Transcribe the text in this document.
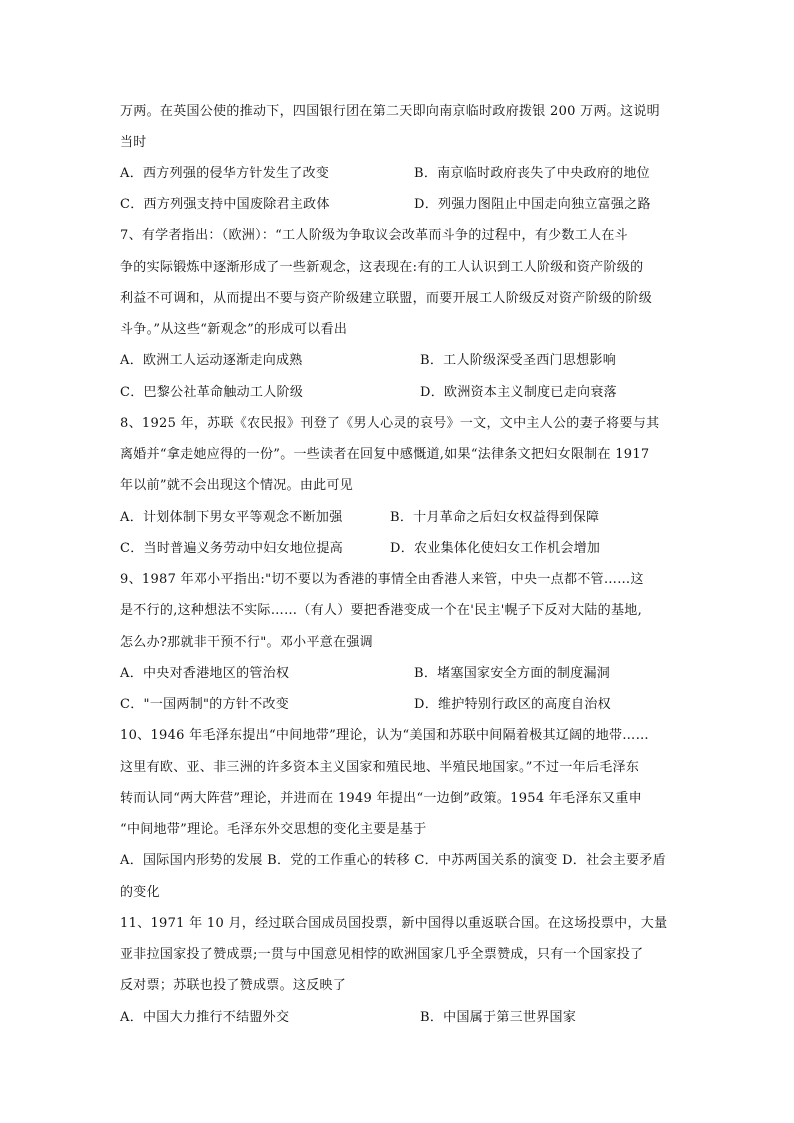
万两。在英国公使的推动下，四国银行团在第二天即向南京临时政府拨银 200 万两。这说明
当时
A．西方列强的侵华方针发生了改变	B．南京临时政府丧失了中央政府的地位
C．西方列强支持中国废除君主政体	D．列强力图阻止中国走向独立富强之路
7、有学者指出：（欧洲）：“工人阶级为争取议会改革而斗争的过程中，有少数工人在斗
争的实际锻炼中逐渐形成了一些新观念，这表现在:有的工人认识到工人阶级和资产阶级的
利益不可调和，从而提出不要与资产阶级建立联盟，而要开展工人阶级反对资产阶级的阶级
斗争。”从这些“新观念”的形成可以看出
A．欧洲工人运动逐渐走向成熟	B．工人阶级深受圣西门思想影响
C．巴黎公社革命触动工人阶级	D．欧洲资本主义制度已走向衰落
8、1925 年，苏联《农民报》刊登了《男人心灵的哀号》一文，文中主人公的妻子将要与其
离婚并“拿走她应得的一份”。一些读者在回复中感慨道,如果“法律条文把妇女限制在 1917
年以前”就不会出现这个情况。由此可见
A．计划体制下男女平等观念不断加强	B．十月革命之后妇女权益得到保障
C．当时普遍义务劳动中妇女地位提高	D．农业集体化使妇女工作机会增加
9、1987 年邓小平指出:"切不要以为香港的事情全由香港人来管，中央一点都不管……这
是不行的,这种想法不实际……（有人）要把香港变成一个在'民主'幌子下反对大陆的基地,
怎么办?那就非干预不行"。邓小平意在强调
A．中央对香港地区的管治权	B．堵塞国家安全方面的制度漏洞
C．"一国两制"的方针不改变	D．维护特别行政区的高度自治权
10、1946 年毛泽东提出“中间地带”理论，认为“美国和苏联中间隔着极其辽阔的地带……
这里有欧、亚、非三洲的许多资本主义国家和殖民地、半殖民地国家。”不过一年后毛泽东
转而认同“两大阵营”理论，并进而在 1949 年提出“一边倒”政策。1954 年毛泽东又重申
“中间地带”理论。毛泽东外交思想的变化主要是基于
A．国际国内形势的发展 B．党的工作重心的转移 C．中苏两国关系的演变 D．社会主要矛盾
的变化
11、1971 年 10 月，经过联合国成员国投票，新中国得以重返联合国。在这场投票中，大量
亚非拉国家投了赞成票;一贯与中国意见相悖的欧洲国家几乎全票赞成，只有一个国家投了
反对票；苏联也投了赞成票。这反映了
A．中国大力推行不结盟外交	B．中国属于第三世界国家
